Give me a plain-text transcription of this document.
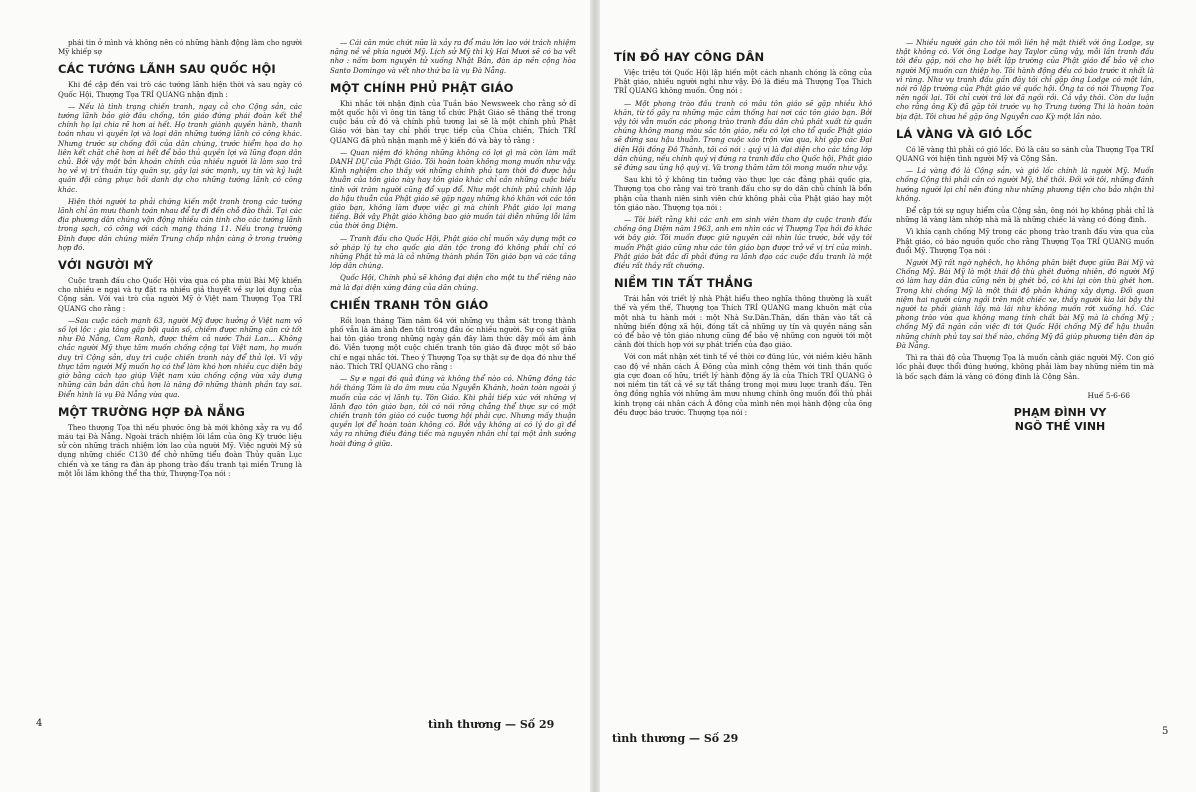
phái tin ở mình và không nên có những hành động làm cho người Mỹ khiếp sợ

CÁC TƯỚNG LÃNH SAU QUỐC HỘI

Khi đề cập đến vai trò các tướng lãnh hiện thời và sau ngày có Quốc Hội, Thượng Tọa TRÍ QUANG nhận định :

— Nếu là tình trạng chiến tranh, ngay cả cho Cộng sản, các tướng lãnh bảo giờ đâu chống, tôn giáo đứng phái đoàn kết thể chính họ lại chia rẽ hơn ai hết. Họ tranh giành quyền hành, thanh toán nhau vì quyền lợi và loại dân những tướng lãnh có công khác. Nhưng trước sự chống đối của dân chúng, trước hiểm họa do họ liên kết chặt chẽ hơn ai hết để bảo thủ quyền lợi và lũng đoạn dân chủ. Bởi vậy một bản khoán chính của nhiều người là làm sao trả họ về vị trí thuần túy quân sự, gây lại sức mạnh, uy tín và kỷ luật quân đội càng phục hồi danh dự cho những tướng lãnh có công khác.

Hiện thời người ta phải chứng kiến một tranh trong các tướng lãnh chỉ ăn mưu thanh toán nhau để tự đi đến chỗ đào thải. Tại các địa phương dân chúng vận động nhiều cán tinh cho các tướng lãnh trong sạch, có công với cách mạng tháng 11. Nếu trong trường Đình được dân chúng miền Trung chấp nhận càng ở trong trường hợp đó.

VỚI NGƯỜI MỸ

Cuộc tranh đấu cho Quốc Hội vừa qua có pha mùi Bài Mỹ khiến cho nhiều e ngại và tự đặt ra nhiều giả thuyết về sự lợi dụng của Cộng sản. Với vai trò của người Mỹ ở Việt nam Thượng Tọa TRÍ QUANG cho rằng :

—Sau cuộc cách mạnh 63, người Mỹ được hưởng ở Việt nam vô số lợi lộc : gia tăng gấp bội quân số, chiếm được những căn cứ tốt như Đà Nẵng, Cam Ranh, được thêm cả nước Thái Lan... Không chắc người Mỹ thực tâm muốn chống cộng tại Việt nam, họ muốn duy trì Cộng sản, duy trì cuộc chiến tranh này để thủ lợi. Vì vậy thực tâm người Mỹ muốn họ có thể làm khó hơn nhiều cục diện bây giờ bằng cách tạo giúp Việt nam xứa chống cộng vừa xây dựng những căn bản dân chủ hơn là nâng đỡ những thành phần tay sai. Điển hình là vụ Đà Nẵng vừa qua.

MỘT TRƯỜNG HỢP ĐÀ NẴNG

Theo thượng Tọa thì nếu phước ông bà mới không xảy ra vụ đổ máu tại Đà Nẵng. Ngoài trách nhiệm lôi lầm của ông Kỳ trước liệu sử còn những trách nhiệm lớn lao của người Mỹ. Việc người Mỹ sử dụng những chiếc C130 để chở những tiểu đoàn Thủy quân Lục chiến và xe tăng ra đàn áp phong trào đấu tranh tại miền Trung là một lỗi lầm không thể tha thứ, Thượng-Tọa nói :

— Cái căn mức chứt nữa là xảy ra đổ máu lớn lao với trách nhiệm nặng nề về phía người Mỹ. Lịch sử Mỹ thì kỳ Hai Mươi sẽ có ba vết nhơ : nấm bom nguyên tử xuống Nhật Bản, đàn áp nền cộng hòa Santo Domingo và vết nhơ thứ ba là vụ Đà Nẵng.

MỘT CHÍNH PHỦ PHẬT GIÁO

Khi nhắc tới nhận định của Tuần báo Newsweek cho rằng sở dĩ một quốc hội vì ông tin tăng tổ chức Phật Giáo sẽ thắng thế trong cuộc bầu cử đó và chính phủ tương lai sẽ là một chính phủ Phật Giáo với bàn tay chỉ phối trực tiếp của Chùa chiền, Thích TRÍ QUANG đã phủ nhận mạnh mẽ ý kiến đó và bày tỏ rằng :

— Quan niệm đó không những không có lợi gì mà còn làm mất DANH DỰ của Phật Giáo. Tôi hoàn toàn không mong muốn như vậy. Kinh nghiệm cho thấy với những chính phủ tạm thời đó được hậu thuẫn của tôn giáo này hay tôn giáo khác chỉ cần những cuộc biểu tình với trăm người cũng đổ xụp đổ. Như một chính phủ chính lập do hậu thuẫn của Phật giáo sẽ gặp ngay những khó khăn với các tôn giáo bạn, không làm được việc gì mà chính Phật giáo lại mang tiếng. Bởi vậy Phật giáo không bao giờ muốn tái diễn những lỗi lầm của thời ông Diệm.

— Tranh đấu cho Quốc Hội, Phật giáo chỉ muốn xây dựng một cơ sở pháp lý tự cho quốc gia dân tộc trong đó không phải chỉ có những Phật tử mà là cả những thành phần Tôn giáo bạn và các tầng lớp dân chúng.

Quốc Hội, Chính phủ sẽ không đại diện cho một tu thể riêng nào mà là đại diện xứng đáng của dân chúng.

CHIẾN TRANH TÔN GIÁO

Rồi loạn tháng Tám năm 64 với những vụ thảm sát trong thành phố vẫn là ám ảnh đen tối trong đầu óc nhiều người. Sự cọ sát giữa hai tôn giáo trong những ngày gần đây làm thức dậy mối ám ảnh đó. Viễn tượng một cuộc chiến tranh tôn giáo đã được một số báo chí e ngại nhắc tới. Theo ý Thượng Tọa sự thật sự đe dọa đó như thế nào. Thích TRÍ QUANG cho rằng :

— Sự e ngại đó quả đúng và không thể nào có. Những đồng tác hồi tháng Tám là do âm mưu của Nguyễn Khánh, hoàn toàn ngoài ý muốn của các vị lãnh tụ. Tôn Giáo. Khi phải tiếp xúc với những vị lãnh đạo tôn giáo bạn, tôi có nói rõng chẳng thể thực sự có một chiến tranh tôn giáo có cuộc tương hội phải cực. Nhưng mấy thuận quyền lợi để hoàn toàn không có. Bởi vậy không ai có lý do gì để xảy ra những điều đáng tiếc mà nguyên nhân chỉ tại một ảnh sưởng hoài đứng ở giữa.

4	tình thương — Số 29
TÍN ĐỒ HAY CÔNG DÂN

Việc triệu tới Quốc Hội lập hiến một cách nhanh chóng là công của Phật giáo, nhiều người nghi như vậy. Đó là điều mà Thượng Tọa Thích TRÍ QUANG không muốn. Ông nói :

— Một phong trào đấu tranh có mâu tôn giáo sẽ gặp nhiều khó khăn, từ tố gây ra những mặc cảm thống hai nơi các tôn giáo bạn. Bởi vậy tôi vẫn muốn các phong trào tranh đấu dân chủ phát xuất từ quần chúng không mang màu sắc tôn giáo, nếu có lợi cho tổ quốc Phật giáo sẽ đứng sau hậu thuẫn. Trong cuộc xáo trộn vừa qua, khi gặp các Đại diện Hội đồng Đô Thành, tôi có nói : quý vị là đại diện cho các tầng lớp dân chúng, nếu chính quý vị đứng ra tranh đấu cho Quốc hội, Phật giáo sẽ đứng sau ủng hộ quý vị. Và trong thâm tâm tôi mong muốn như vậy.

Sau khi tỏ ý không tin tưởng vào thực lực các đảng phái quốc gia, Thượng tọa cho rằng vai trò tranh đấu cho sự do dân chủ chính là bổn phận của thanh niên sinh viên chứ không phải của Phật giáo hay một tôn giáo nào. Thượng tọa nói :

— Tôi biết rằng khi các anh em sinh viên tham dự cuộc tranh đấu chống ông Diệm năm 1963, anh em nhìn các vị Thượng Tọa hồi đó khác với bây giờ. Tôi muốn được giữ nguyên cái nhìn lúc trước, bởi vậy tôi muốn Phật giáo cũng như các tôn giáo bạn được trở về vị trí của mình. Phật giáo bắt đắc dĩ phải đứng ra lãnh đạo các cuộc đấu tranh là một điều rất thầy rất chướng.

NIỀM TIN TẤT THẮNG

Trái hẳn với triết lý nhà Phật hiểu theo nghĩa thông thường là xuất thế và yếm thế, Thượng tọa Thích TRÍ QUANG mang khuôn mặt của một nhà tu hành mới : một Nhà Sư.Dân.Thân, dấn thân vào tất cả những biến động xã hội, đóng tất cả những uy tín và quyền năng sẵn có để bảo vệ tôn giáo nhưng cũng để bảo vệ những con người tới một cảnh đời thích hợp với sự phát triển của đạo giáo.

Với con mắt nhận xét tinh tế về thời cơ đúng lúc, với niềm kiêu hãnh cao độ về nhân cách Á Đông của mình cộng thêm với tinh thần quốc gia cực đoan cố hữu, triết lý hành động ấy là của Thích TRÍ QUANG ở nơi niềm tin tất cả về sự tất thắng trong mọi mưu lược tranh đấu. Tên ông đồng nghĩa với những âm mưu nhưng chính ông muốn đối thủ phải kính trọng cái nhân cách Á đông của mình nên mọi hành động của ông đều được báo trước. Thượng tọa nói :

— Nhiều người gán cho tôi mối liên hệ mật thiết với ông Lodge, sự thật không có. Với ông Lodge hay Taylor cũng vậy, mỗi lần tranh đấu tôi đều gặp, nói cho họ biết lập trường của Phật giáo để bảo vệ cho người Mỹ muốn can thiệp họ. Tôi hành động đều có báo trước ít nhất là vì ràng. Như vụ tranh đấu gần đây tôi chỉ gặp ông Lodge có một lần, nói rõ lập trường của Phật giáo về quốc hội. Ông ta có nói Thượng Tọa nên ngồi lại. Tôi chỉ cười trả lời đã ngồi rồi. Cả vậy thôi. Còn dư luận cho rằng ông Kỳ đã gặp tôi trước vụ họ Trung tướng Thi là hoàn toàn bịa đặt. Tôi chưa hề gặp ông Nguyễn cao Kỳ một lần nào.

LÁ VÀNG VÀ GIÓ LỐC

Có lẽ vàng thì phải có gió lốc. Đó là câu so sánh của Thượng Tọa TRÍ QUANG với hiện tình người Mỹ và Cộng Sản.

— Lá vàng đó là Cộng sản, và gió lốc chính là người Mỹ. Muốn chống Cộng thì phải cần có người Mỹ, thế thôi. Đối với tôi, những đánh hướng người lại chỉ nên đúng như những phương tiện cho bảo nhận thì không.

Để cập tới sự nguy hiểm của Cộng sản, ông nói họ không phải chỉ là những lá vàng làm nhớp nhà mà là những chiếc lá vàng có đóng đinh.

Vì khía cạnh chống Mỹ trong các phong trào tranh đấu vừa qua của Phật giáo, có báo nguồn quốc cho rằng Thượng Tọa TRÍ QUANG muốn đuổi Mỹ. Thượng Tọa nói :

Người Mỹ rất ngờ nghệch, họ không phân biệt được giữa Bài Mỹ và Chống Mỹ. Bài Mỹ là một thái độ thù ghét đường nhiên, đó người Mỹ có làm hay dân đủa cũng nên bị ghét bỏ, có khi lại còn thù ghét hơn. Trong khi chống Mỹ là một thái độ phản kháng xây dựng. Đối quan niệm hai người cùng ngồi trên một chiếc xe, thấy người kia lái bậy thì người ta phải giành lấy mà lái như không muốn rớt xuống hố. Các phong trào vừa qua không mang tính chất bài Mỹ mà là chống Mỹ ; chống Mỹ đã ngăn cản việc đi tới Quốc Hội chống Mỹ để hậu thuẫn những chính phủ tay sai thế nào, chống Mỹ đã giúp phương tiện đàn áp Đà Nẵng.

Thì ra thái độ của Thượng Tọa là muốn cảnh giác người Mỹ. Con gió lốc phải được thổi đúng hướng, không phải làm bay những niềm tin mà là bốc sạch đám lá vàng có đóng đinh là Cộng Sản.

Huế 5-6-66
PHẠM ĐÌNH VY
NGÔ THẾ VINH
tình thương — Số 29
5
